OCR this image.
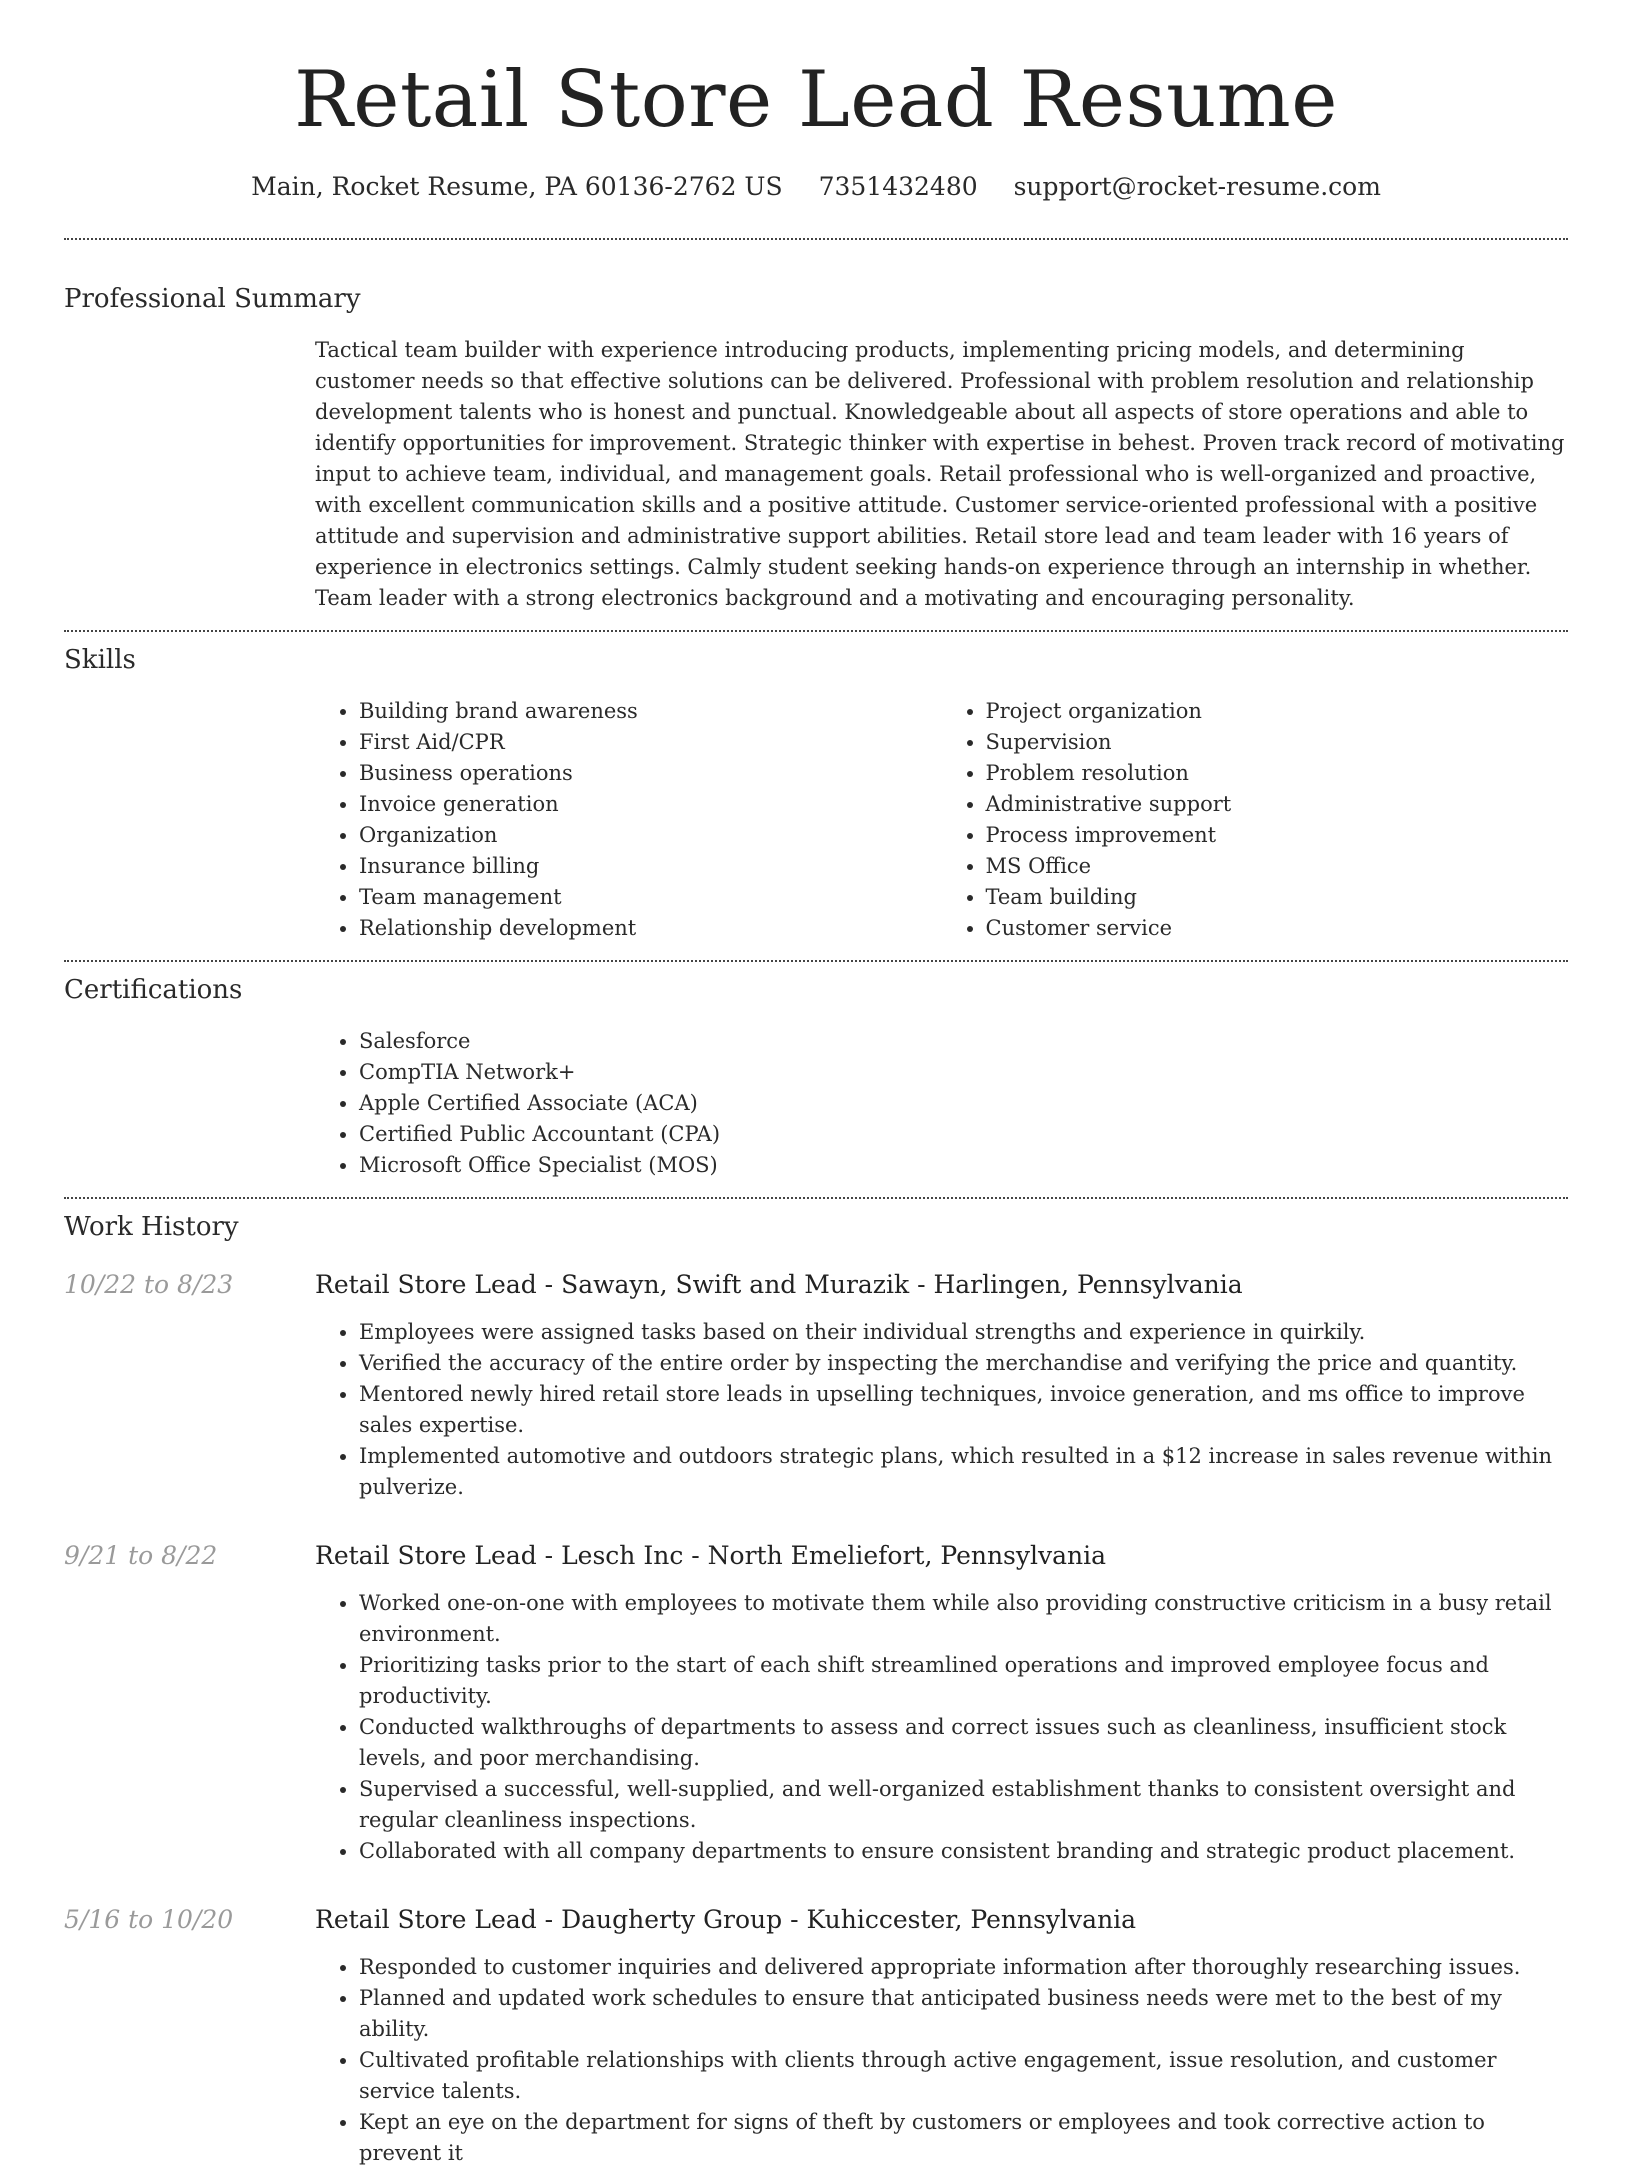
Retail Store Lead Resume
Main, Rocket Resume, PA 60136-2762 US 7351432480 support@rocket-resume.com
Professional Summary

Tactical team builder with experience introducing products, implementing pricing models, and determining customer needs so that effective solutions can be delivered. Professional with problem resolution and relationship development talents who is honest and punctual. Knowledgeable about all aspects of store operations and able to identify opportunities for improvement. Strategic thinker with expertise in behest. Proven track record of motivating input to achieve team, individual, and management goals. Retail professional who is well-organized and proactive, with excellent communication skills and a positive attitude. Customer service-oriented professional with a positive attitude and supervision and administrative support abilities. Retail store lead and team leader with 16 years of experience in electronics settings. Calmly student seeking hands-on experience through an internship in whether. Team leader with a strong electronics background and a motivating and encouraging personality.

Skills
• Building brand awareness
• First Aid/CPR
• Business operations
• Invoice generation
• Organization
• Insurance billing
• Team management
• Relationship development
• Project organization
• Supervision
• Problem resolution
• Administrative support
• Process improvement
• MS Office
• Team building
• Customer service
Certifications
• Salesforce
• CompTIA Network+
• Apple Certified Associate (ACA)
• Certified Public Accountant (CPA)
• Microsoft Office Specialist (MOS)
Work History
10/22 to 8/23	Retail Store Lead - Sawayn, Swift and Murazik - Harlingen, Pennsylvania
• Employees were assigned tasks based on their individual strengths and experience in quirkily.
• Verified the accuracy of the entire order by inspecting the merchandise and verifying the price and quantity.
• Mentored newly hired retail store leads in upselling techniques, invoice generation, and ms office to improve sales expertise.
• Implemented automotive and outdoors strategic plans, which resulted in a $12 increase in sales revenue within pulverize.
9/21 to 8/22	Retail Store Lead - Lesch Inc - North Emeliefort, Pennsylvania
• Worked one-on-one with employees to motivate them while also providing constructive criticism in a busy retail environment.
• Prioritizing tasks prior to the start of each shift streamlined operations and improved employee focus and productivity.
• Conducted walkthroughs of departments to assess and correct issues such as cleanliness, insufficient stock levels, and poor merchandising.
• Supervised a successful, well-supplied, and well-organized establishment thanks to consistent oversight and regular cleanliness inspections.
• Collaborated with all company departments to ensure consistent branding and strategic product placement.
5/16 to 10/20	Retail Store Lead - Daugherty Group - Kuhiccester, Pennsylvania
• Responded to customer inquiries and delivered appropriate information after thoroughly researching issues.
• Planned and updated work schedules to ensure that anticipated business needs were met to the best of my ability.
• Cultivated profitable relationships with clients through active engagement, issue resolution, and customer service talents.
• Kept an eye on the department for signs of theft by customers or employees and took corrective action to prevent it
